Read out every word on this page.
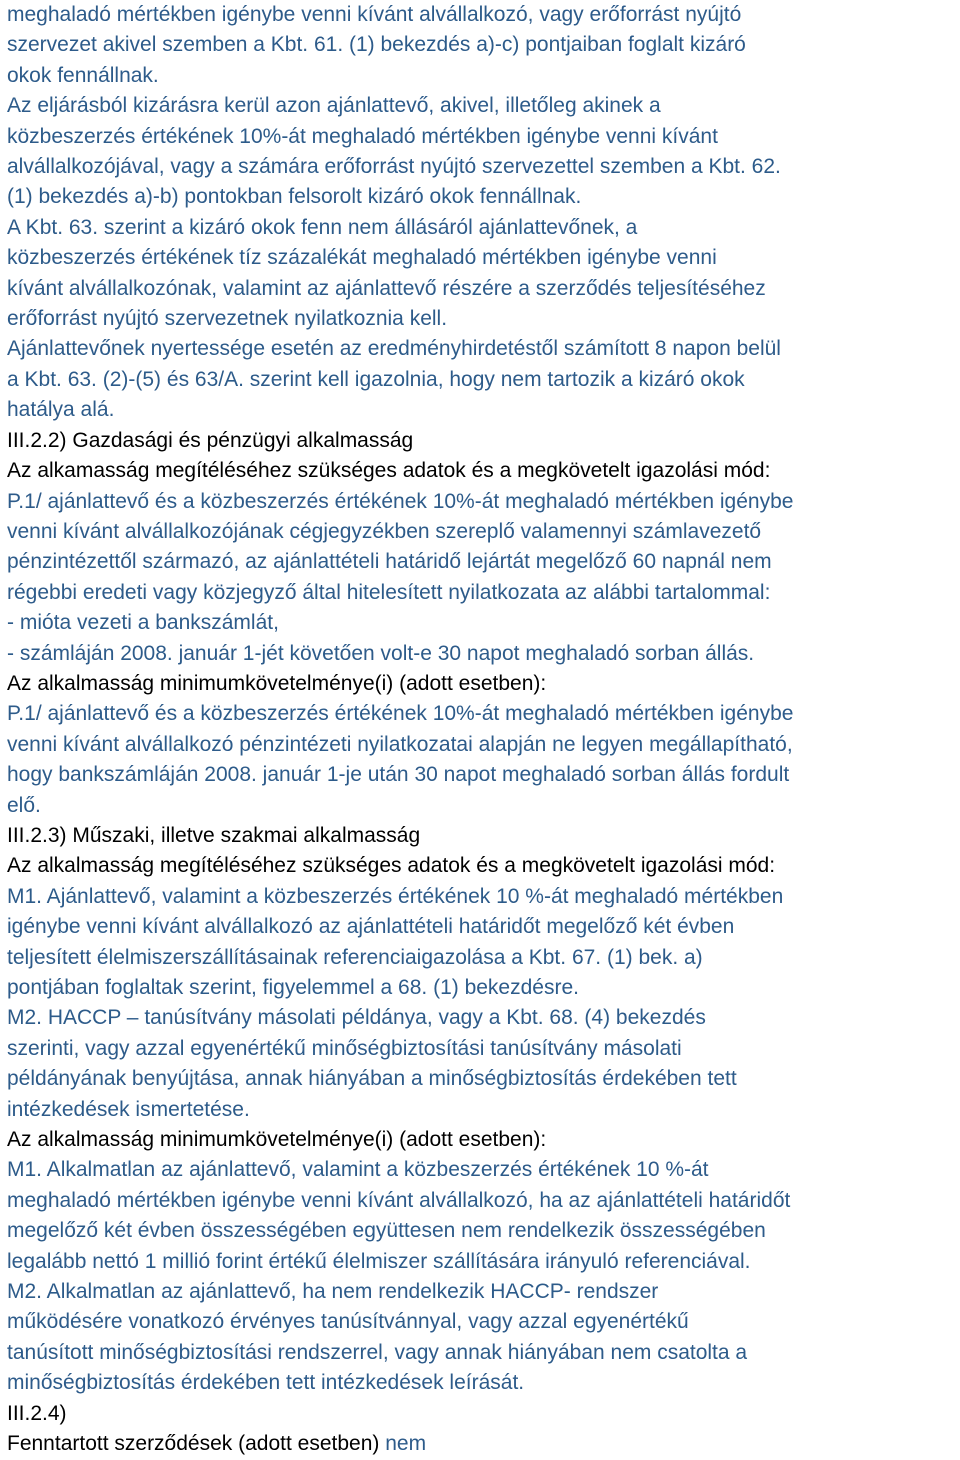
meghaladó mértékben igénybe venni kívánt alvállalkozó, vagy erőforrást nyújtó
szervezet akivel szemben a Kbt. 61. (1) bekezdés a)-c) pontjaiban foglalt kizáró
okok fennállnak.
Az eljárásból kizárásra kerül azon ajánlattevő, akivel, illetőleg akinek a
közbeszerzés értékének 10%-át meghaladó mértékben igénybe venni kívánt
alvállalkozójával, vagy a számára erőforrást nyújtó szervezettel szemben a Kbt. 62.
(1) bekezdés a)-b) pontokban felsorolt kizáró okok fennállnak.
A Kbt. 63. szerint a kizáró okok fenn nem állásáról ajánlattevőnek, a
közbeszerzés értékének tíz százalékát meghaladó mértékben igénybe venni
kívánt alvállalkozónak, valamint az ajánlattevő részére a szerződés teljesítéséhez
erőforrást nyújtó szervezetnek nyilatkoznia kell.
Ajánlattevőnek nyertessége esetén az eredményhirdetéstől számított 8 napon belül
a Kbt. 63. (2)-(5) és 63/A. szerint kell igazolnia, hogy nem tartozik a kizáró okok
hatálya alá.
III.2.2) Gazdasági és pénzügyi alkalmasság
Az alkamasság megítéléséhez szükséges adatok és a megkövetelt igazolási mód:
P.1/ ajánlattevő és a közbeszerzés értékének 10%-át meghaladó mértékben igénybe
venni kívánt alvállalkozójának cégjegyzékben szereplő valamennyi számlavezető
pénzintézettől származó, az ajánlattételi határidő lejártát megelőző 60 napnál nem
régebbi eredeti vagy közjegyző által hitelesített nyilatkozata az alábbi tartalommal:
- mióta vezeti a bankszámlát,
- számláján 2008. január 1-jét követően volt-e 30 napot meghaladó sorban állás.
Az alkalmasság minimumkövetelménye(i) (adott esetben):
P.1/ ajánlattevő és a közbeszerzés értékének 10%-át meghaladó mértékben igénybe
venni kívánt alvállalkozó pénzintézeti nyilatkozatai alapján ne legyen megállapítható,
hogy bankszámláján 2008. január 1-je után 30 napot meghaladó sorban állás fordult
elő.
III.2.3) Műszaki, illetve szakmai alkalmasság
Az alkalmasság megítéléséhez szükséges adatok és a megkövetelt igazolási mód:
M1. Ajánlattevő, valamint a közbeszerzés értékének 10 %-át meghaladó mértékben
igénybe venni kívánt alvállalkozó az ajánlattételi határidőt megelőző két évben
teljesített élelmiszerszállításainak referenciaigazolása a Kbt. 67. (1) bek. a)
pontjában foglaltak szerint, figyelemmel a 68. (1) bekezdésre.
M2. HACCP – tanúsítvány másolati példánya, vagy a Kbt. 68. (4) bekezdés
szerinti, vagy azzal egyenértékű minőségbiztosítási tanúsítvány másolati
példányának benyújtása, annak hiányában a minőségbiztosítás érdekében tett
intézkedések ismertetése.
Az alkalmasság minimumkövetelménye(i) (adott esetben):
M1. Alkalmatlan az ajánlattevő, valamint a közbeszerzés értékének 10 %-át
meghaladó mértékben igénybe venni kívánt alvállalkozó, ha az ajánlattételi határidőt
megelőző két évben összességében együttesen nem rendelkezik összességében
legalább nettó 1 millió forint értékű élelmiszer szállítására irányuló referenciával.
M2. Alkalmatlan az ajánlattevő, ha nem rendelkezik HACCP- rendszer
működésére vonatkozó érvényes tanúsítvánnyal, vagy azzal egyenértékű
tanúsított minőségbiztosítási rendszerrel, vagy annak hiányában nem csatolta a
minőségbiztosítás érdekében tett intézkedések leírását.
III.2.4)
Fenntartott szerződések (adott esetben) nem
